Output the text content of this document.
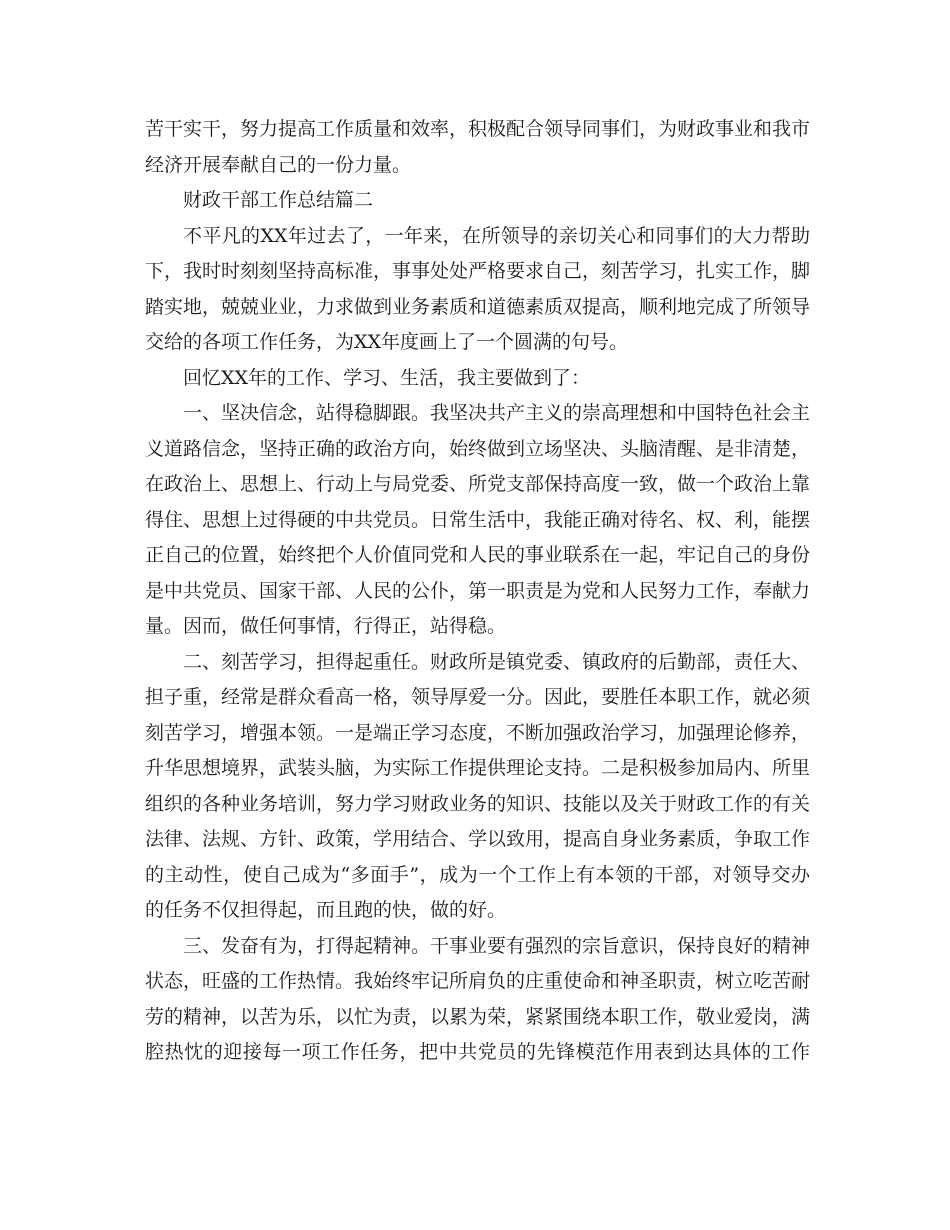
苦干实干，努力提高工作质量和效率，积极配合领导同事们，为财政事业和我市
经济开展奉献自己的一份力量。
财政干部工作总结篇二
不平凡的XX年过去了，一年来，在所领导的亲切关心和同事们的大力帮助
下，我时时刻刻坚持高标准，事事处处严格要求自己，刻苦学习，扎实工作，脚
踏实地，兢兢业业，力求做到业务素质和道德素质双提高，顺利地完成了所领导
交给的各项工作任务，为XX年度画上了一个圆满的句号。
回忆XX年的工作、学习、生活，我主要做到了：
一、坚决信念，站得稳脚跟。我坚决共产主义的崇高理想和中国特色社会主
义道路信念，坚持正确的政治方向，始终做到立场坚决、头脑清醒、是非清楚，
在政治上、思想上、行动上与局党委、所党支部保持高度一致，做一个政治上靠
得住、思想上过得硬的中共党员。日常生活中，我能正确对待名、权、利，能摆
正自己的位置，始终把个人价值同党和人民的事业联系在一起，牢记自己的身份
是中共党员、国家干部、人民的公仆，第一职责是为党和人民努力工作，奉献力
量。因而，做任何事情，行得正，站得稳。
二、刻苦学习，担得起重任。财政所是镇党委、镇政府的后勤部，责任大、
担子重，经常是群众看高一格，领导厚爱一分。因此，要胜任本职工作，就必须
刻苦学习，增强本领。一是端正学习态度，不断加强政治学习，加强理论修养，
升华思想境界，武装头脑，为实际工作提供理论支持。二是积极参加局内、所里
组织的各种业务培训，努力学习财政业务的知识、技能以及关于财政工作的有关
法律、法规、方针、政策，学用结合、学以致用，提高自身业务素质，争取工作
的主动性，使自己成为“多面手”，成为一个工作上有本领的干部，对领导交办
的任务不仅担得起，而且跑的快，做的好。
三、发奋有为，打得起精神。干事业要有强烈的宗旨意识，保持良好的精神
状态，旺盛的工作热情。我始终牢记所肩负的庄重使命和神圣职责，树立吃苦耐
劳的精神，以苦为乐，以忙为责，以累为荣，紧紧围绕本职工作，敬业爱岗，满
腔热忱的迎接每一项工作任务，把中共党员的先锋模范作用表到达具体的工作
